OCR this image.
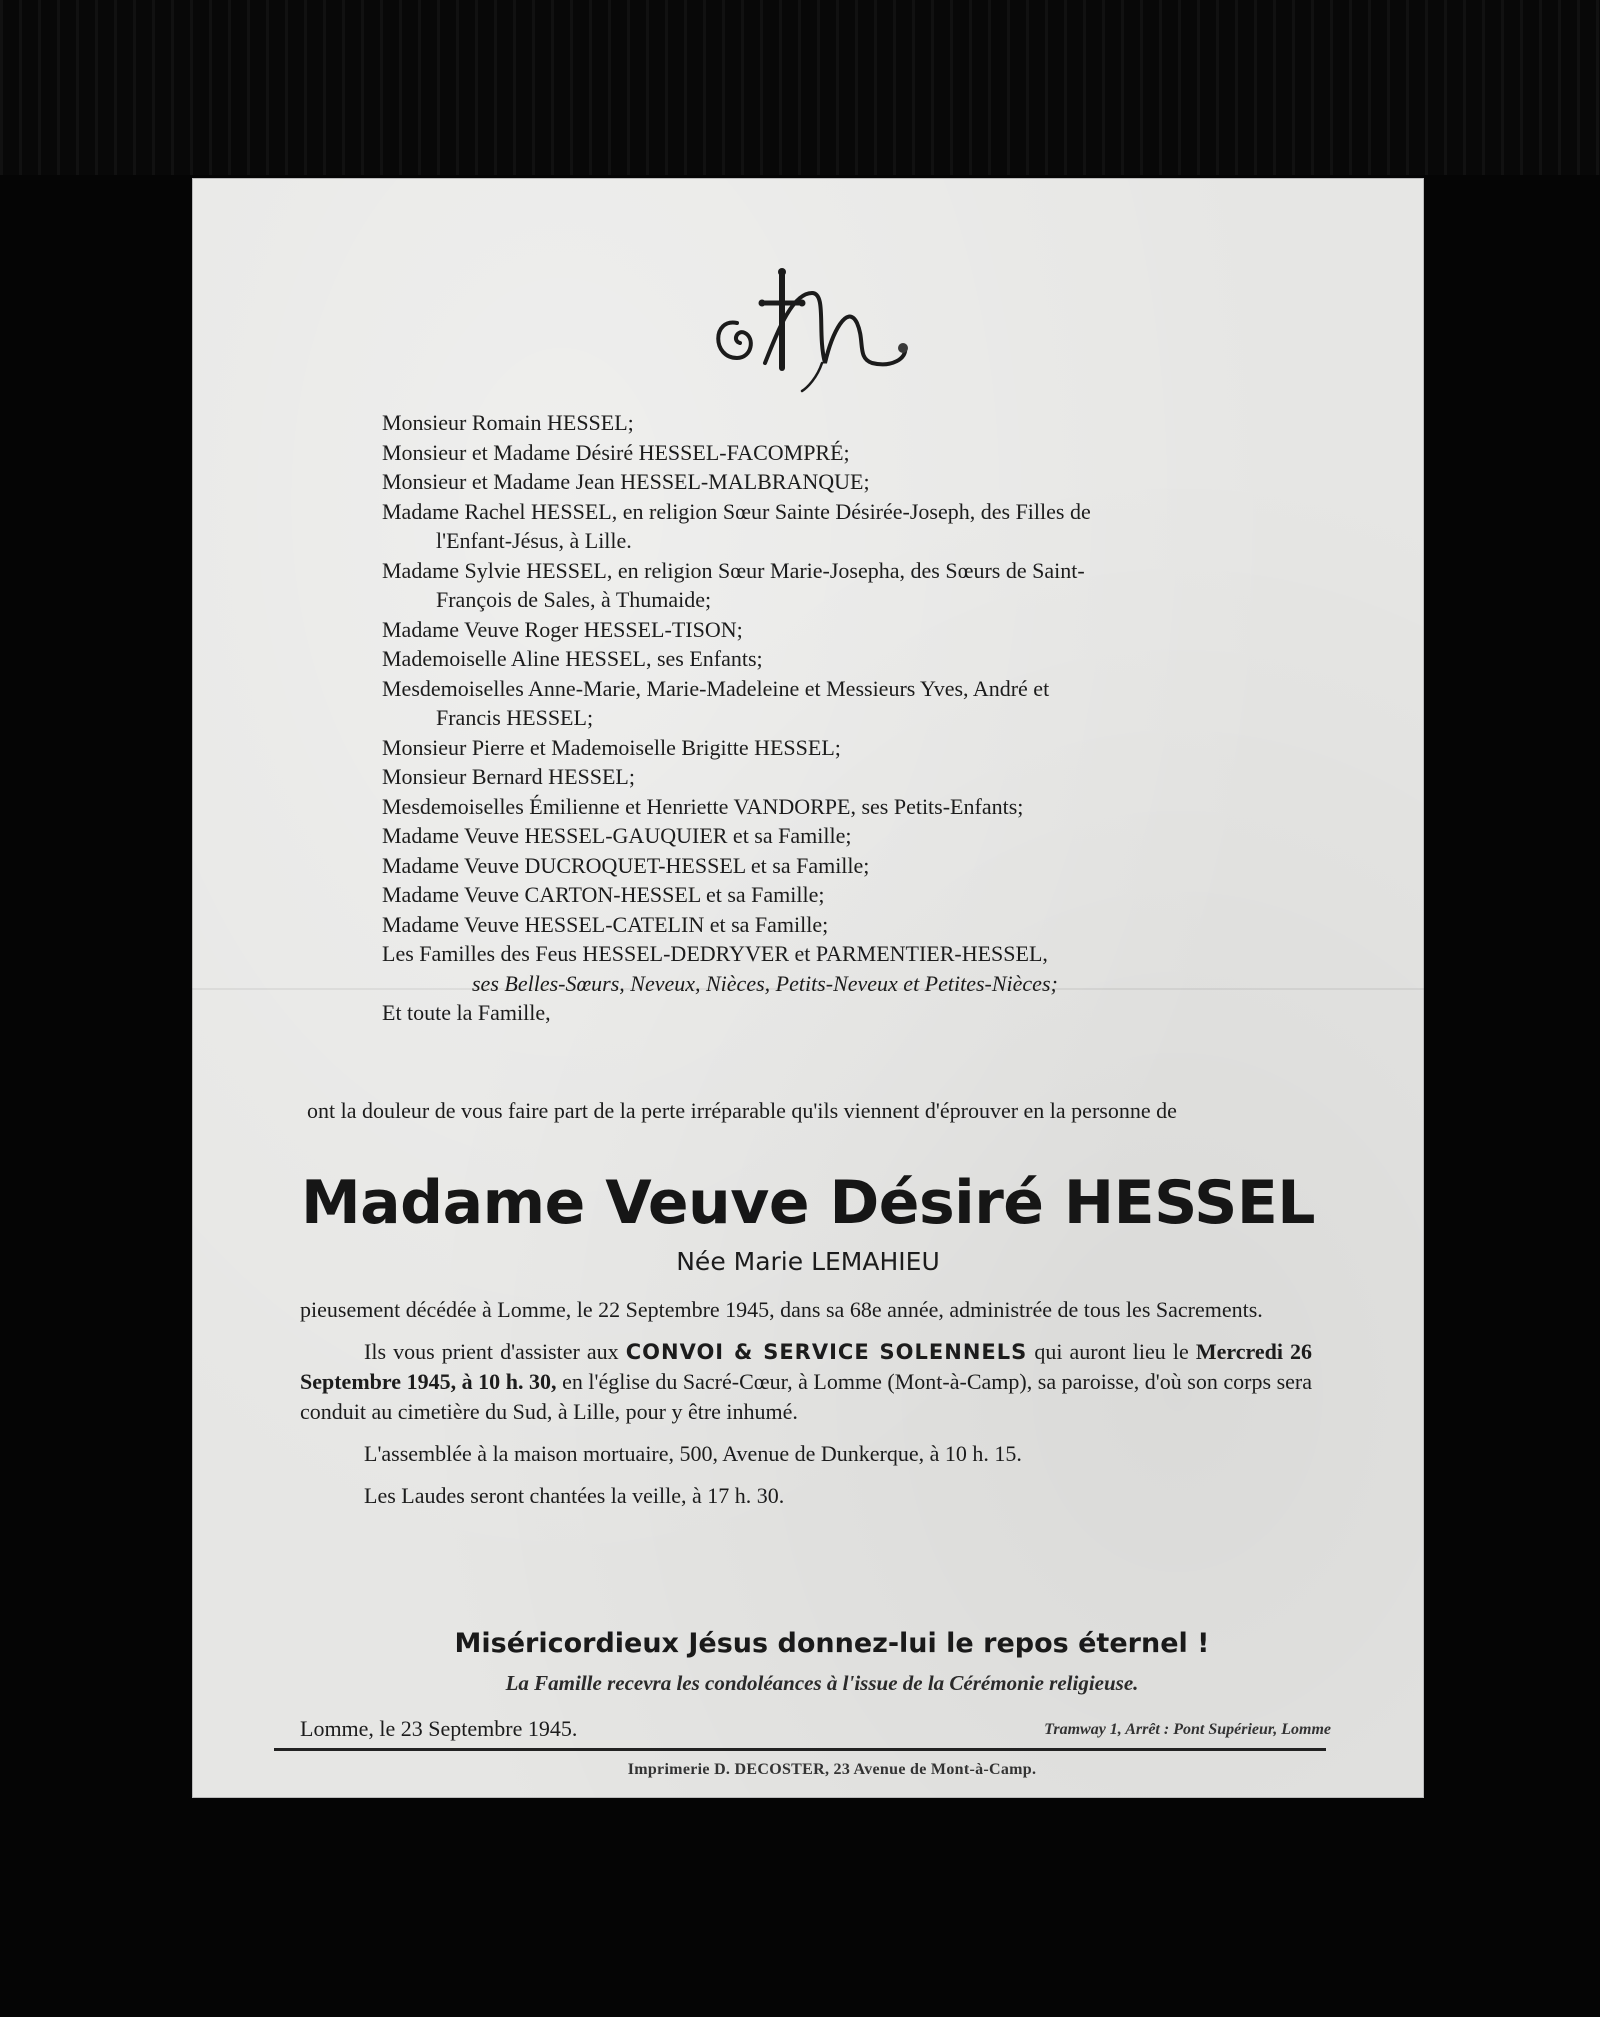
Monsieur Romain HESSEL;

Monsieur et Madame Désiré HESSEL-FACOMPRÉ;

Monsieur et Madame Jean HESSEL-MALBRANQUE;

Madame Rachel HESSEL, en religion Sœur Sainte Désirée-Joseph, des Filles de

l'Enfant-Jésus, à Lille.

Madame Sylvie HESSEL, en religion Sœur Marie-Josepha, des Sœurs de Saint-

François de Sales, à Thumaide;

Madame Veuve Roger HESSEL-TISON;

Mademoiselle Aline HESSEL, ses Enfants;

Mesdemoiselles Anne-Marie, Marie-Madeleine et Messieurs Yves, André et

Francis HESSEL;

Monsieur Pierre et Mademoiselle Brigitte HESSEL;

Monsieur Bernard HESSEL;

Mesdemoiselles Émilienne et Henriette VANDORPE, ses Petits-Enfants;

Madame Veuve HESSEL-GAUQUIER et sa Famille;

Madame Veuve DUCROQUET-HESSEL et sa Famille;

Madame Veuve CARTON-HESSEL et sa Famille;

Madame Veuve HESSEL-CATELIN et sa Famille;

Les Familles des Feus HESSEL-DEDRYVER et PARMENTIER-HESSEL,

ses Belles-Sœurs, Neveux, Nièces, Petits-Neveux et Petites-Nièces;

Et toute la Famille,

ont la douleur de vous faire part de la perte irréparable qu'ils viennent d'éprouver en la personne de
Madame Veuve Désiré HESSEL
Née Marie LEMAHIEU

pieusement décédée à Lomme, le 22 Septembre 1945, dans sa 68e année, administrée de tous les Sacrements.

Ils vous prient d'assister aux CONVOI & SERVICE SOLENNELS qui auront lieu le Mercredi 26 Septembre 1945, à 10 h. 30, en l'église du Sacré-Cœur, à Lomme (Mont-à-Camp), sa paroisse, d'où son corps sera conduit au cimetière du Sud, à Lille, pour y être inhumé.

L'assemblée à la maison mortuaire, 500, Avenue de Dunkerque, à 10 h. 15.

Les Laudes seront chantées la veille, à 17 h. 30.

Miséricordieux Jésus donnez-lui le repos éternel !
La Famille recevra les condoléances à l'issue de la Cérémonie religieuse.
Lomme, le 23 Septembre 1945.	Tramway 1, Arrêt : Pont Supérieur, Lomme
Imprimerie D. DECOSTER, 23 Avenue de Mont-à-Camp.
